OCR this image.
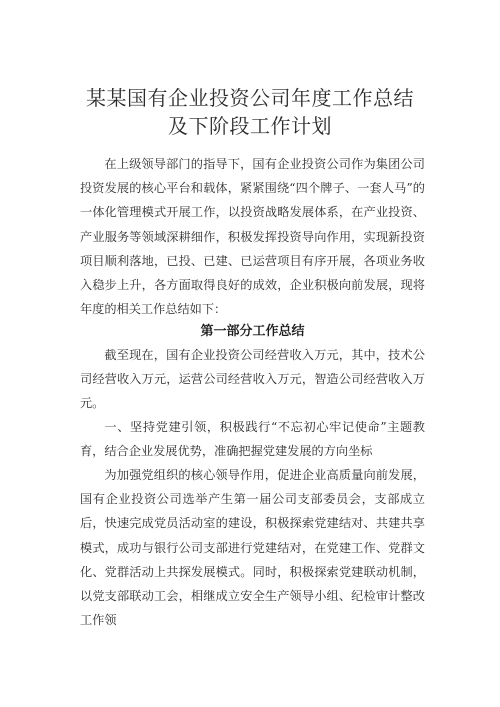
某某国有企业投资公司年度工作总结
及下阶段工作计划

在上级领导部门的指导下，国有企业投资公司作为集团公司投资发展的核心平台和载体，紧紧围绕“四个牌子、一套人马”的一体化管理模式开展工作，以投资战略发展体系，在产业投资、产业服务等领域深耕细作，积极发挥投资导向作用，实现新投资项目顺利落地，已投、已建、已运营项目有序开展，各项业务收入稳步上升，各方面取得良好的成效，企业积极向前发展，现将年度的相关工作总结如下：

第一部分工作总结

截至现在，国有企业投资公司经营收入万元，其中，技术公司经营收入万元，运营公司经营收入万元，智造公司经营收入万元。

一、坚持党建引领，积极践行“不忘初心牢记使命”主题教育，结合企业发展优势，准确把握党建发展的方向坐标

为加强党组织的核心领导作用，促进企业高质量向前发展，国有企业投资公司选举产生第一届公司支部委员会，支部成立后，快速完成党员活动室的建设，积极探索党建结对、共建共享模式，成功与银行公司支部进行党建结对，在党建工作、党群文化、党群活动上共探发展模式。同时，积极探索党建联动机制，以党支部联动工会，相继成立安全生产领导小组、纪检审计整改工作领
